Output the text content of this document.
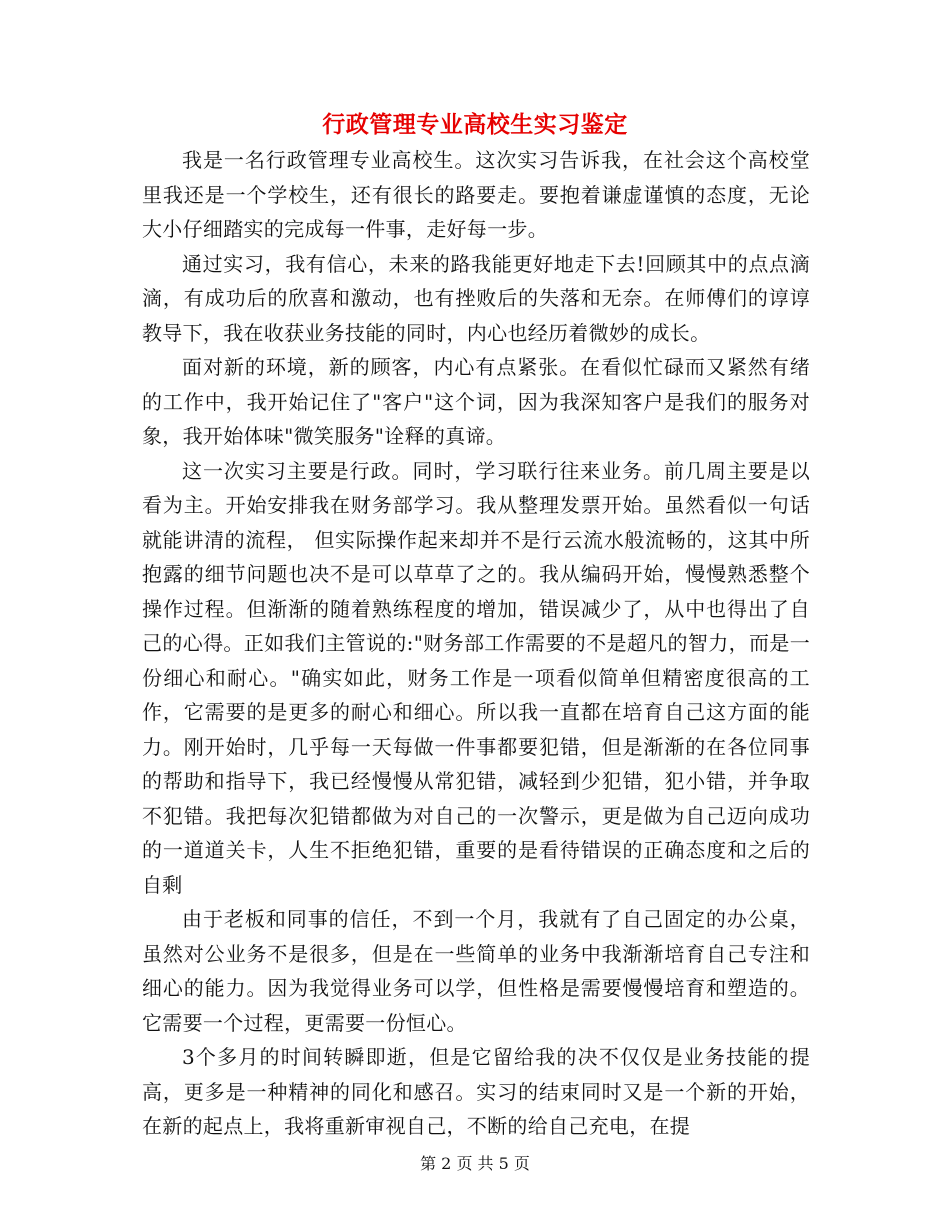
行政管理专业高校生实习鉴定

我是一名行政管理专业高校生。这次实习告诉我，在社会这个高校堂里我还是一个学校生，还有很长的路要走。要抱着谦虚谨慎的态度，无论大小仔细踏实的完成每一件事，走好每一步。

通过实习，我有信心，未来的路我能更好地走下去!回顾其中的点点滴滴，有成功后的欣喜和激动，也有挫败后的失落和无奈。在师傅们的谆谆教导下，我在收获业务技能的同时，内心也经历着微妙的成长。

面对新的环境，新的顾客，内心有点紧张。在看似忙碌而又紧然有绪的工作中，我开始记住了"客户"这个词，因为我深知客户是我们的服务对象，我开始体味"微笑服务"诠释的真谛。

这一次实习主要是行政。同时，学习联行往来业务。前几周主要是以看为主。开始安排我在财务部学习。我从整理发票开始。虽然看似一句话就能讲清的流程， 但实际操作起来却并不是行云流水般流畅的，这其中所抱露的细节问题也决不是可以草草了之的。我从编码开始，慢慢熟悉整个操作过程。但渐渐的随着熟练程度的增加，错误减少了，从中也得出了自己的心得。正如我们主管说的:"财务部工作需要的不是超凡的智力，而是一份细心和耐心。"确实如此，财务工作是一项看似简单但精密度很高的工作，它需要的是更多的耐心和细心。所以我一直都在培育自己这方面的能力。刚开始时，几乎每一天每做一件事都要犯错，但是渐渐的在各位同事的帮助和指导下，我已经慢慢从常犯错，减轻到少犯错，犯小错，并争取不犯错。我把每次犯错都做为对自己的一次警示，更是做为自己迈向成功的一道道关卡，人生不拒绝犯错，重要的是看待错误的正确态度和之后的自剩

由于老板和同事的信任，不到一个月，我就有了自己固定的办公桌，虽然对公业务不是很多，但是在一些简单的业务中我渐渐培育自己专注和细心的能力。因为我觉得业务可以学，但性格是需要慢慢培育和塑造的。它需要一个过程，更需要一份恒心。

3个多月的时间转瞬即逝，但是它留给我的决不仅仅是业务技能的提高，更多是一种精神的同化和感召。实习的结束同时又是一个新的开始，在新的起点上，我将重新审视自己，不断的给自己充电，在提

第 2 页 共 5 页
